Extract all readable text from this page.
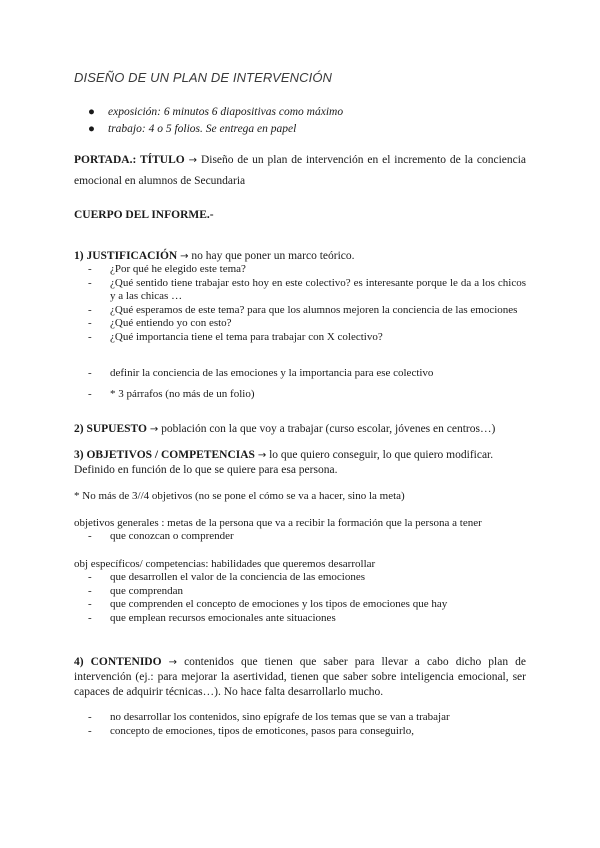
DISEÑO DE UN PLAN DE INTERVENCIÓN
● exposición: 6 minutos 6 diapositivas como máximo
● trabajo: 4 o 5 folios. Se entrega en papel
PORTADA.: TÍTULO → Diseño de un plan de intervención en el incremento de la conciencia emocional en alumnos de Secundaria
CUERPO DEL INFORME.-
1) JUSTIFICACIÓN → no hay que poner un marco teórico.

- ¿Por qué he elegido este tema?

- ¿Qué sentido tiene trabajar esto hoy en este colectivo? es interesante porque le da a los chicos y a las chicas …

- ¿Qué esperamos de este tema? para que los alumnos mejoren la conciencia de las emociones

- ¿Qué entiendo yo con esto?

- ¿Qué importancia tiene el tema para trabajar con X colectivo?

- definir la conciencia de las emociones y la importancia para ese colectivo

- * 3 párrafos (no más de un folio)

2) SUPUESTO → población con la que voy a trabajar (curso escolar, jóvenes en centros…)
3) OBJETIVOS / COMPETENCIAS → lo que quiero conseguir, lo que quiero modificar. Definido en función de lo que se quiere para esa persona.
* No más de 3//4 objetivos (no se pone el cómo se va a hacer, sino la meta)
objetivos generales : metas de la persona que va a recibir la formación que la persona a tener

- que conozcan o comprender

obj específicos/ competencias: habilidades que queremos desarrollar

- que desarrollen el valor de la conciencia de las emociones

- que comprendan

- que comprenden el concepto de emociones y los tipos de emociones que hay

- que emplean recursos emocionales ante situaciones

4) CONTENIDO → contenidos que tienen que saber para llevar a cabo dicho plan de intervención (ej.: para mejorar la asertividad, tienen que saber sobre inteligencia emocional, ser capaces de adquirir técnicas…). No hace falta desarrollarlo mucho.

- no desarrollar los contenidos, sino epígrafe de los temas que se van a trabajar

- concepto de emociones, tipos de emoticones, pasos para conseguirlo,
